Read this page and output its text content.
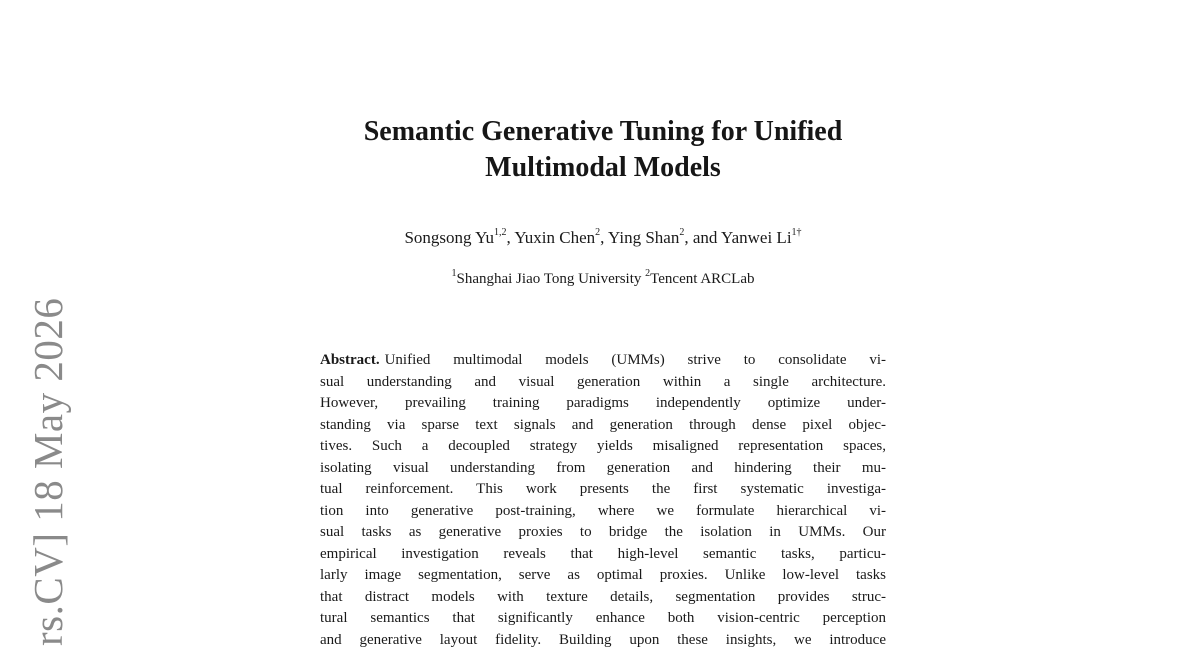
rs.CV] 18 May 2026
Semantic Generative Tuning for Unified
Multimodal Models
Songsong Yu$^{1,2}$, Yuxin Chen$^2$, Ying Shan$^2$, and Yanwei $Li^{1\dagger}$
$^1$Shanghai Jiao Tong University $^2$Tencent ARCLab
Abstract. Unified multimodal models (UMMs) strive to consolidate vi-
sual understanding and visual generation within a single architecture.
However, prevailing training paradigms independently optimize under-
standing via sparse text signals and generation through dense pixel objec-
tives. Such a decoupled strategy yields misaligned representation spaces,
isolating visual understanding from generation and hindering their mu-
tual reinforcement. This work presents the first systematic investiga-
tion into generative post-training, where we formulate hierarchical vi-
sual tasks as generative proxies to bridge the isolation in UMMs. Our
empirical investigation reveals that high-level semantic tasks, particu-
larly image segmentation, serve as optimal proxies. Unlike low-level tasks
that distract models with texture details, segmentation provides struc-
tural semantics that significantly enhance both vision-centric perception
and generative layout fidelity. Building upon these insights, we introduce
